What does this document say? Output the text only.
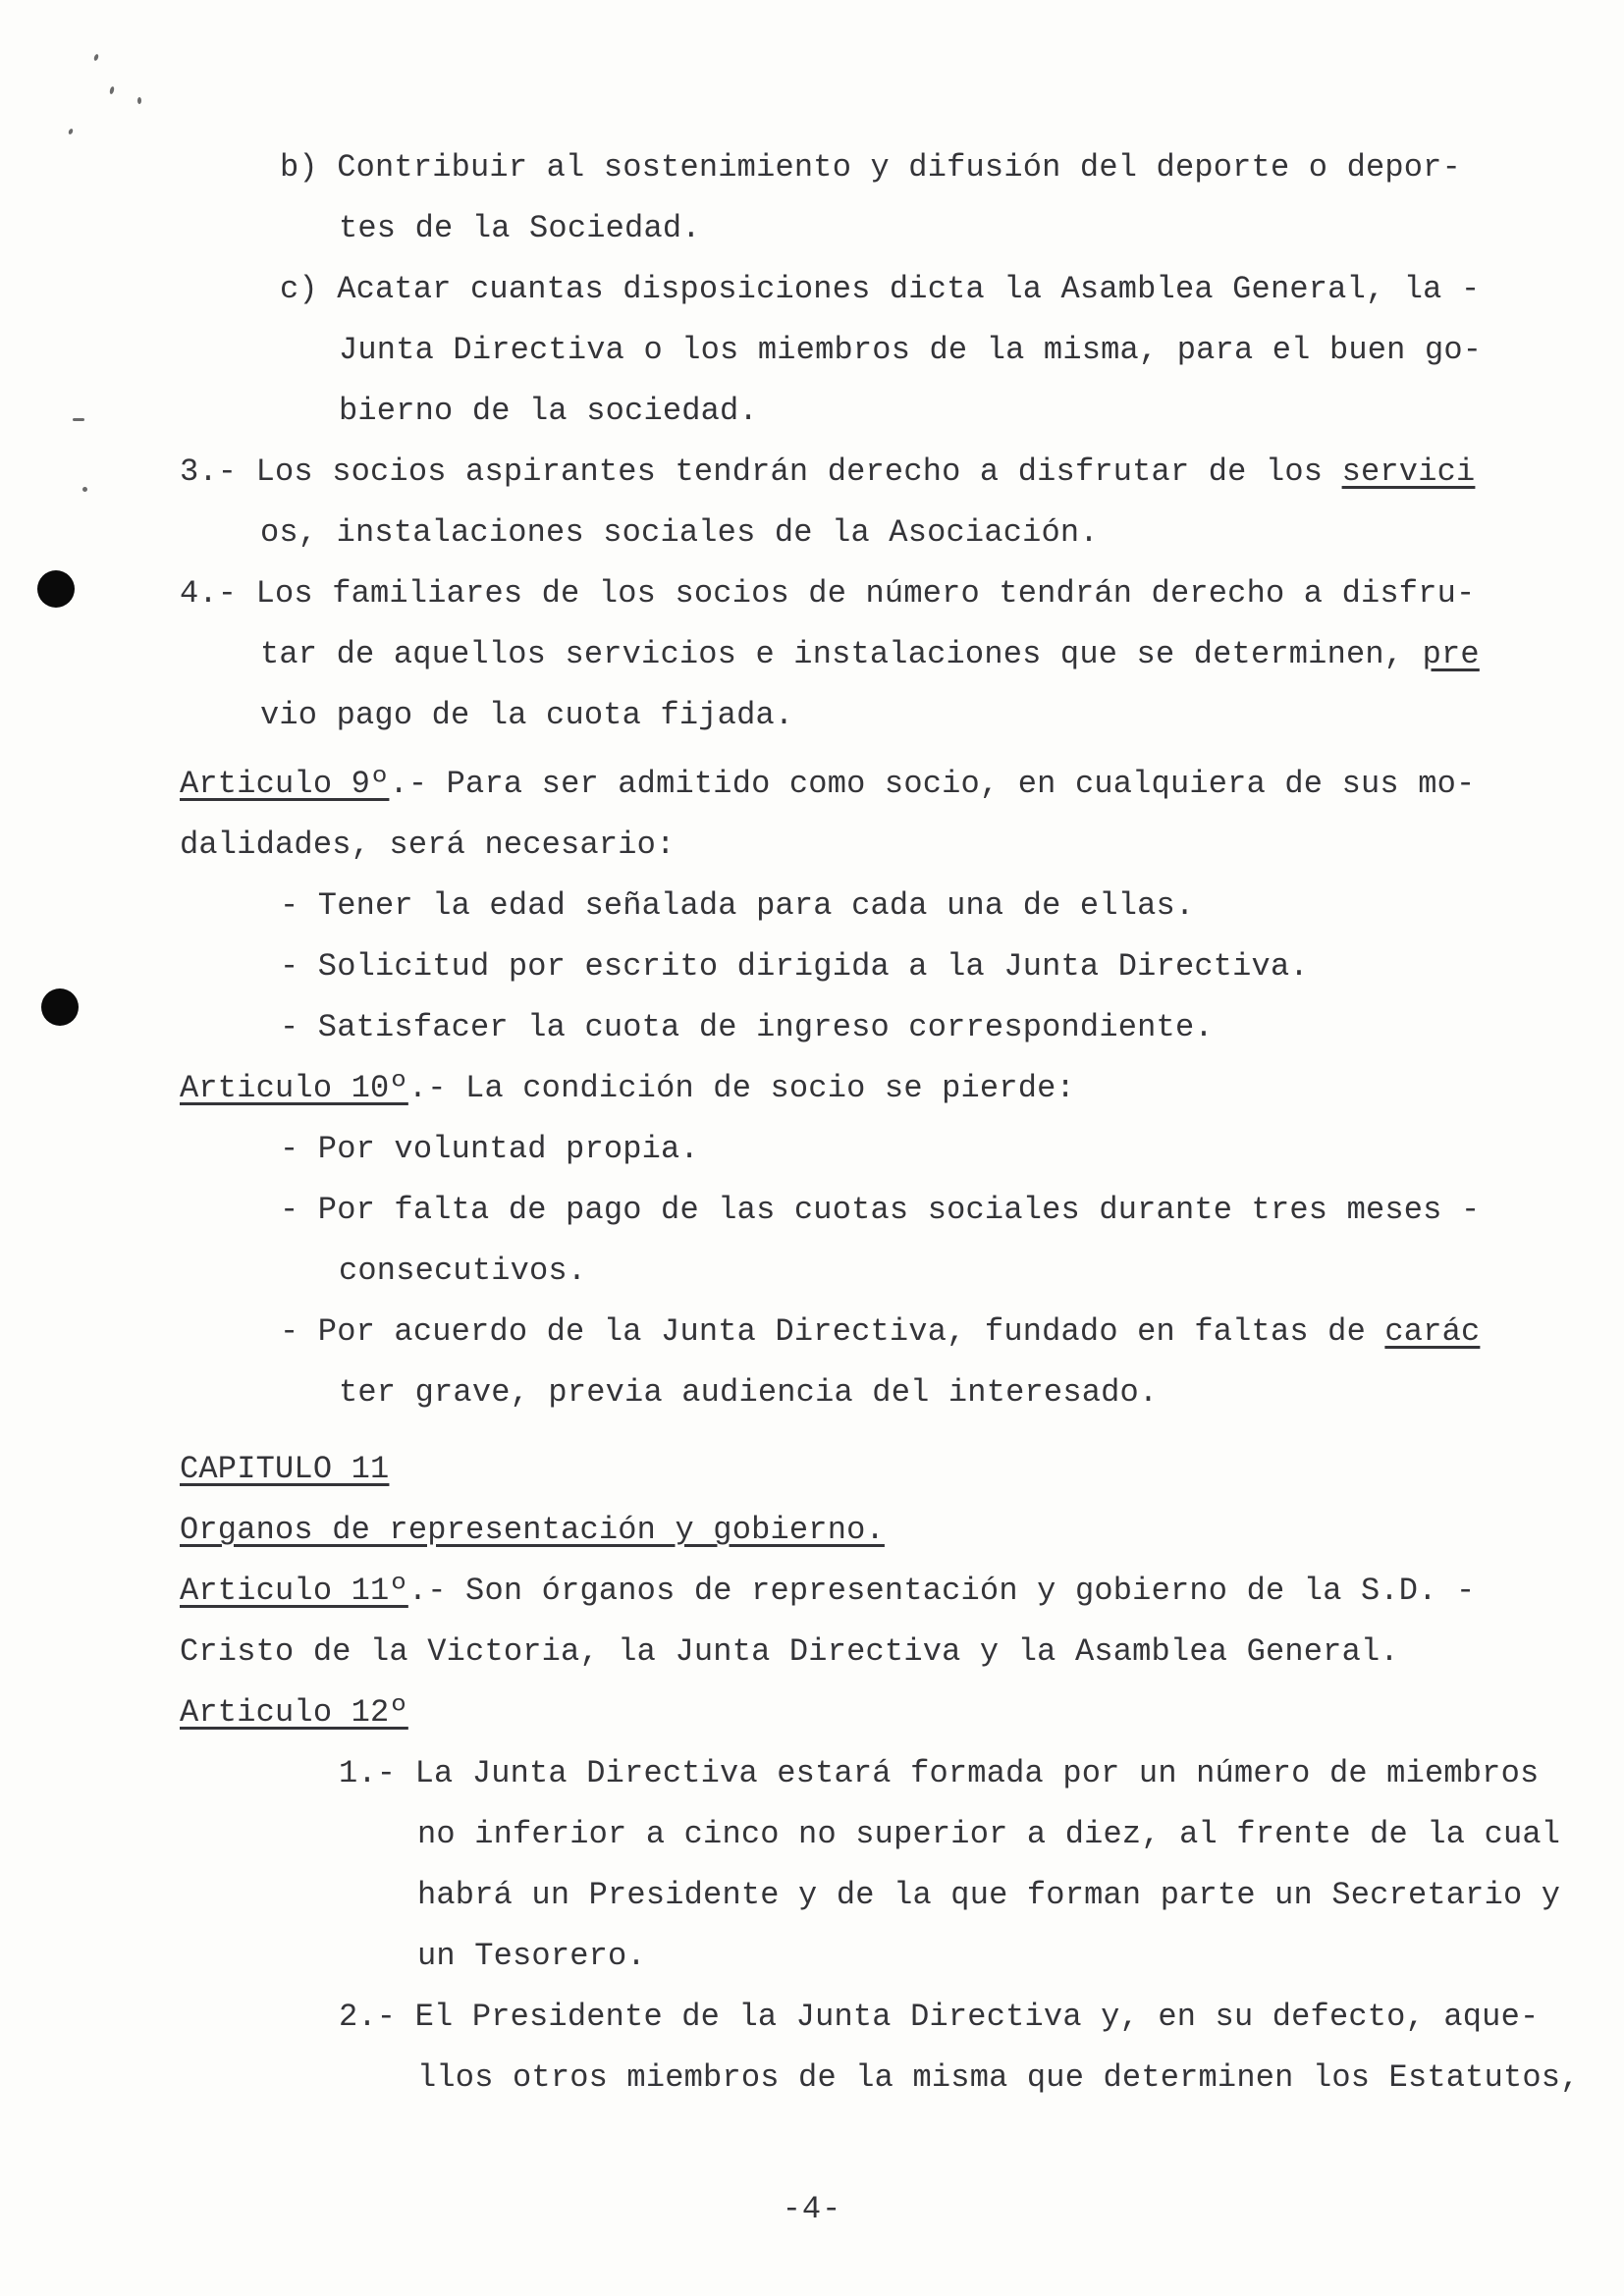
b) Contribuir al sostenimiento y difusión del deporte o depor-
tes de la Sociedad.
c) Acatar cuantas disposiciones dicta la Asamblea General, la -
Junta Directiva o los miembros de la misma, para el buen go-
bierno de la sociedad.
3.- Los socios aspirantes tendrán derecho a disfrutar de los servici
os, instalaciones sociales de la Asociación.
4.- Los familiares de los socios de número tendrán derecho a disfru-
tar de aquellos servicios e instalaciones que se determinen, pre
vio pago de la cuota fijada.
Articulo 9º.- Para ser admitido como socio, en cualquiera de sus mo-
dalidades, será necesario:
- Tener la edad señalada para cada una de ellas.
- Solicitud por escrito dirigida a la Junta Directiva.
- Satisfacer la cuota de ingreso correspondiente.
Articulo 10º.- La condición de socio se pierde:
- Por voluntad propia.
- Por falta de pago de las cuotas sociales durante tres meses -
consecutivos.
- Por acuerdo de la Junta Directiva, fundado en faltas de carác
ter grave, previa audiencia del interesado.
CAPITULO 11
Organos de representación y gobierno.
Articulo 11º.- Son órganos de representación y gobierno de la S.D. -
Cristo de la Victoria, la Junta Directiva y la Asamblea General.
Articulo 12º
1.- La Junta Directiva estará formada por un número de miembros
no inferior a cinco no superior a diez, al frente de la cual
habrá un Presidente y de la que forman parte un Secretario y
un Tesorero.
2.- El Presidente de la Junta Directiva y, en su defecto, aque-
llos otros miembros de la misma que determinen los Estatutos,
-4-
